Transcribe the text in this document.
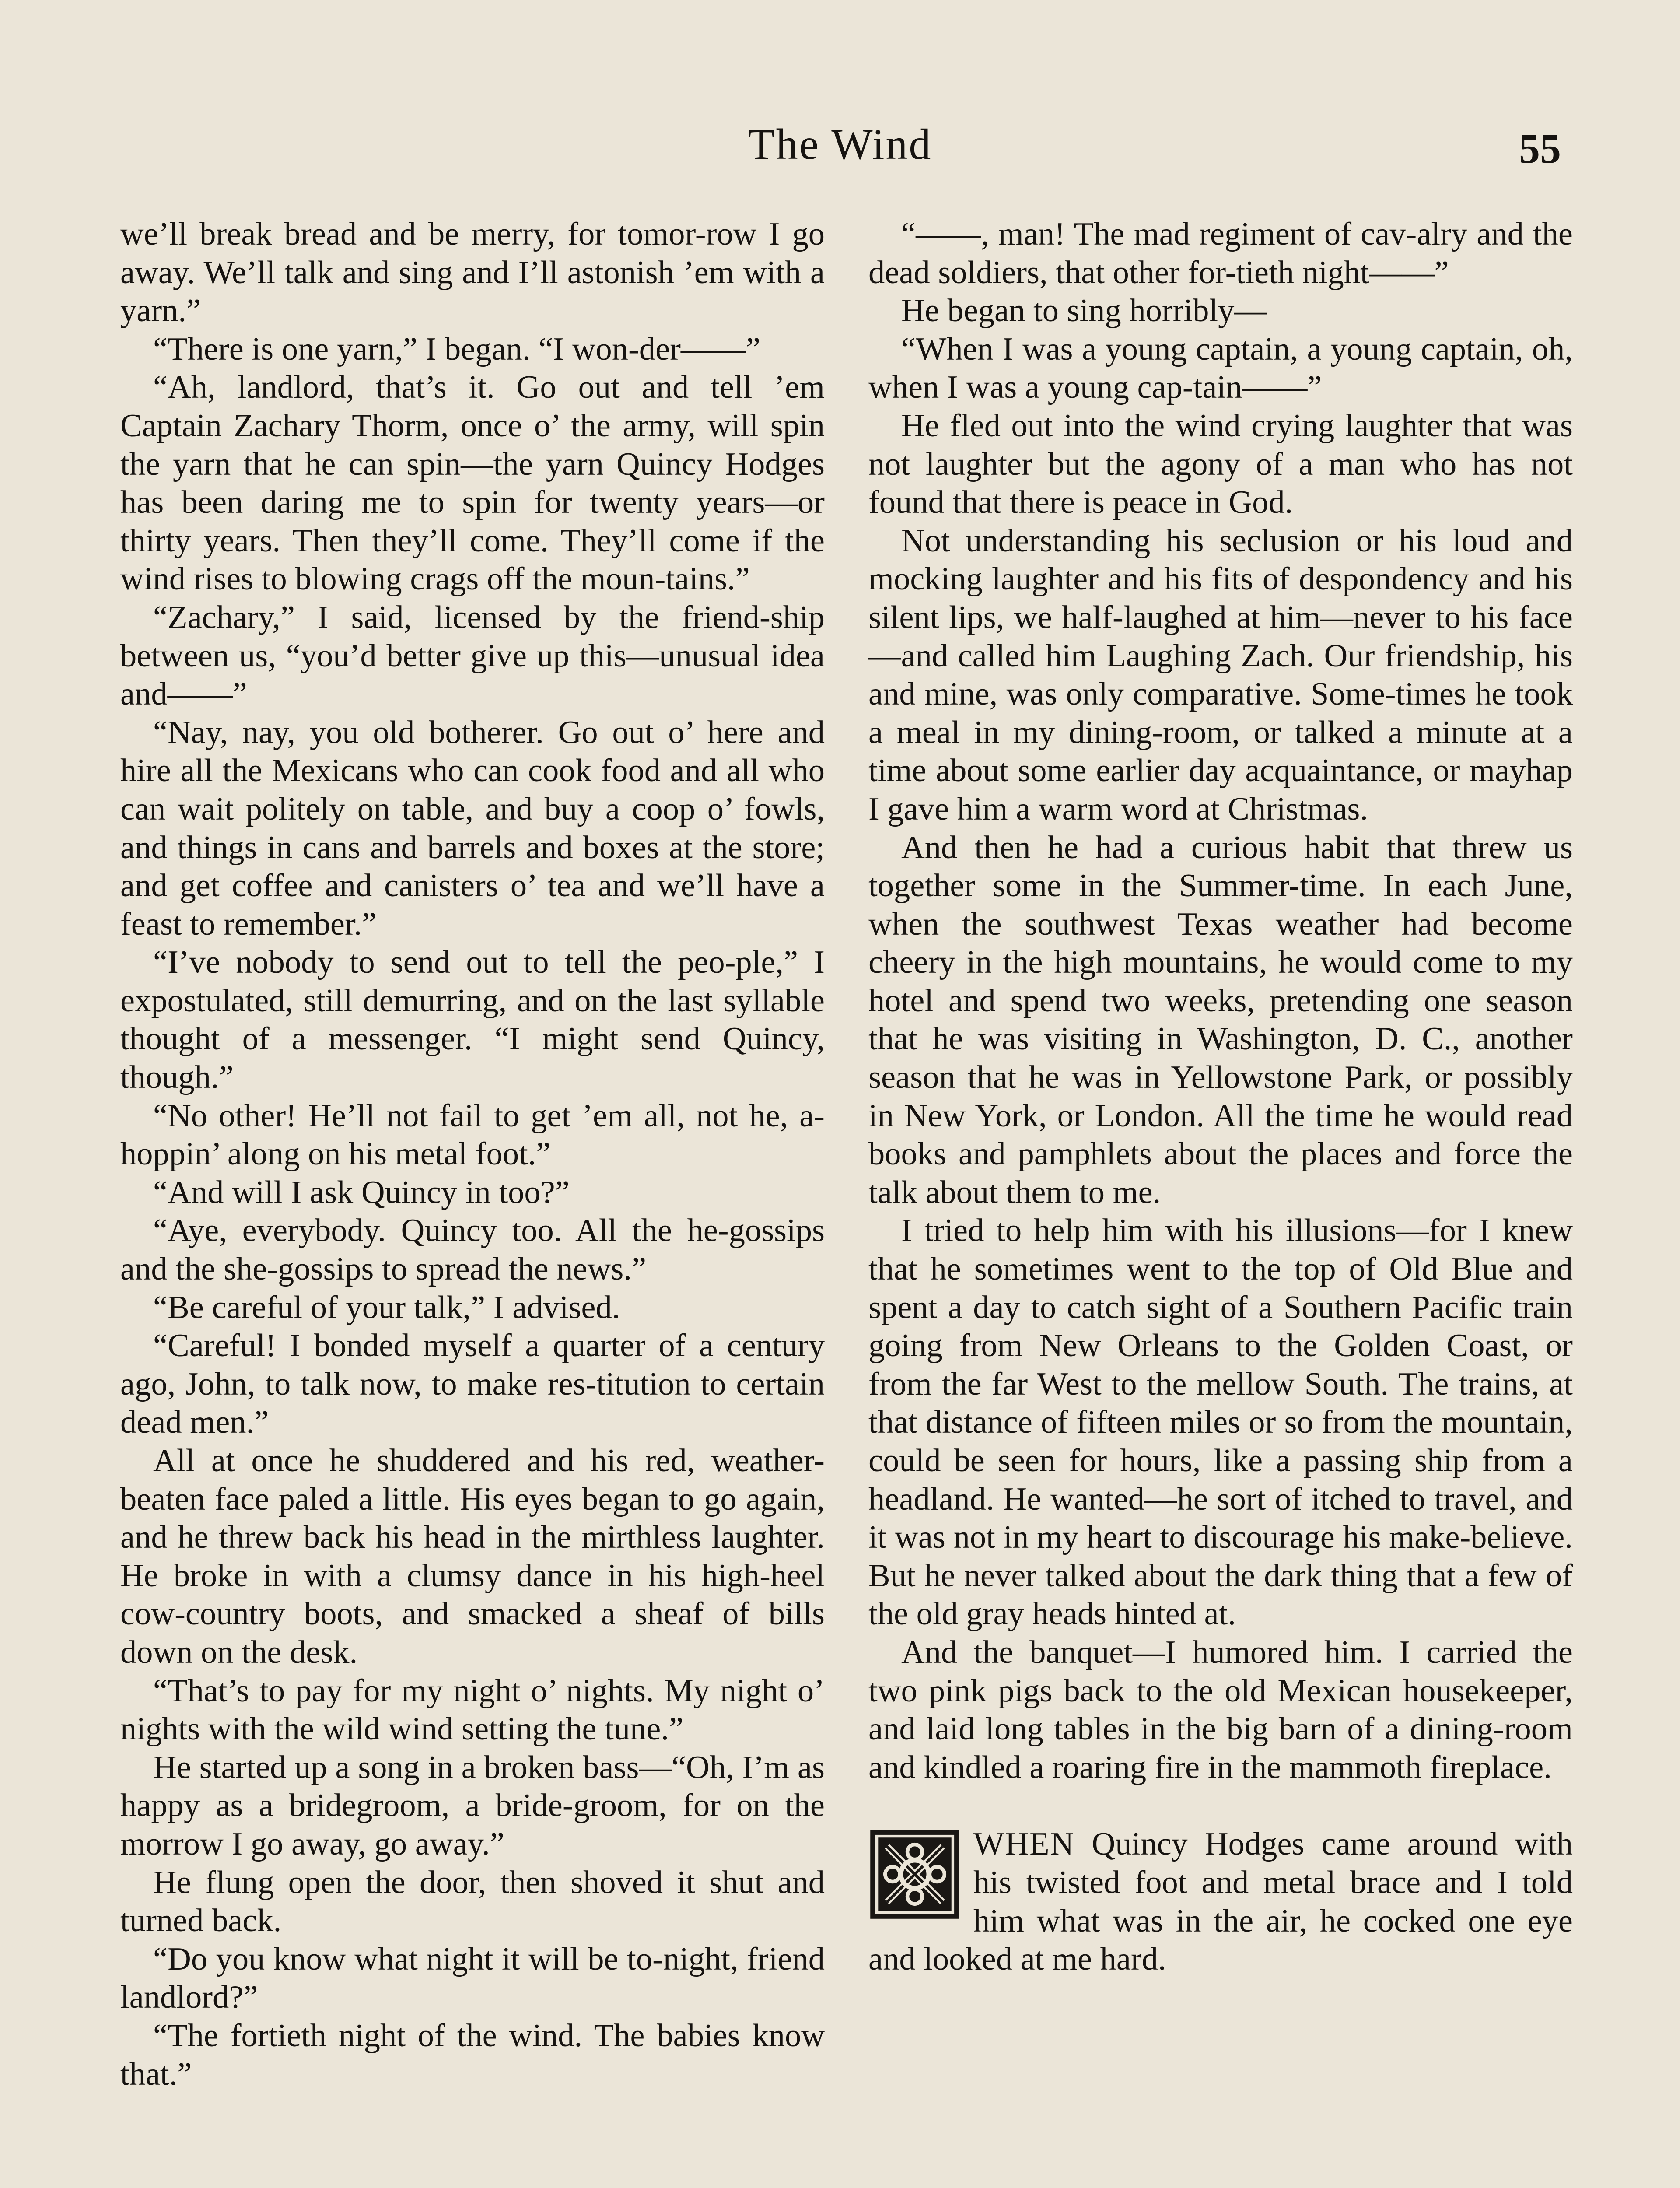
The Wind	55

we’ll break bread and be merry, for tomor-row I go away. We’ll talk and sing and I’ll astonish ’em with a yarn.”

“There is one yarn,” I began. “I won-der——”

“Ah, landlord, that’s it. Go out and tell ’em Captain Zachary Thorm, once o’ the army, will spin the yarn that he can spin—the yarn Quincy Hodges has been daring me to spin for twenty years—or thirty years. Then they’ll come. They’ll come if the wind rises to blowing crags off the moun-tains.”

“Zachary,” I said, licensed by the friend-ship between us, “you’d better give up this—unusual idea and——”

“Nay, nay, you old botherer. Go out o’ here and hire all the Mexicans who can cook food and all who can wait politely on table, and buy a coop o’ fowls, and things in cans and barrels and boxes at the store; and get coffee and canisters o’ tea and we’ll have a feast to remember.”

“I’ve nobody to send out to tell the peo-ple,” I expostulated, still demurring, and on the last syllable thought of a messenger. “I might send Quincy, though.”

“No other! He’ll not fail to get ’em all, not he, a-hoppin’ along on his metal foot.”

“And will I ask Quincy in too?”

“Aye, everybody. Quincy too. All the he-gossips and the she-gossips to spread the news.”

“Be careful of your talk,” I advised.

“Careful! I bonded myself a quarter of a century ago, John, to talk now, to make res-titution to certain dead men.”

All at once he shuddered and his red, weather-beaten face paled a little. His eyes began to go again, and he threw back his head in the mirthless laughter. He broke in with a clumsy dance in his high-heel cow-country boots, and smacked a sheaf of bills down on the desk.

“That’s to pay for my night o’ nights. My night o’ nights with the wild wind setting the tune.”

He started up a song in a broken bass—“Oh, I’m as happy as a bridegroom, a bride-groom, for on the morrow I go away, go away.”

He flung open the door, then shoved it shut and turned back.

“Do you know what night it will be to-night, friend landlord?”

“The fortieth night of the wind. The babies know that.”

“——, man! The mad regiment of cav-alry and the dead soldiers, that other for-tieth night——”

He began to sing horribly—

“When I was a young captain, a young captain, oh, when I was a young cap-tain——”

He fled out into the wind crying laughter that was not laughter but the agony of a man who has not found that there is peace in God.

Not understanding his seclusion or his loud and mocking laughter and his fits of despondency and his silent lips, we half-laughed at him—never to his face—and called him Laughing Zach. Our friendship, his and mine, was only comparative. Some-times he took a meal in my dining-room, or talked a minute at a time about some earlier day acquaintance, or mayhap I gave him a warm word at Christmas.

And then he had a curious habit that threw us together some in the Summer-time. In each June, when the southwest Texas weather had become cheery in the high mountains, he would come to my hotel and spend two weeks, pretending one season that he was visiting in Washington, D. C., another season that he was in Yellowstone Park, or possibly in New York, or London. All the time he would read books and pamphlets about the places and force the talk about them to me.

I tried to help him with his illusions—for I knew that he sometimes went to the top of Old Blue and spent a day to catch sight of a Southern Pacific train going from New Orleans to the Golden Coast, or from the far West to the mellow South. The trains, at that distance of fifteen miles or so from the mountain, could be seen for hours, like a passing ship from a headland. He wanted—he sort of itched to travel, and it was not in my heart to discourage his make-believe. But he never talked about the dark thing that a few of the old gray heads hinted at.

And the banquet—I humored him. I carried the two pink pigs back to the old Mexican housekeeper, and laid long tables in the big barn of a dining-room and kindled a roaring fire in the mammoth fireplace.

WHEN Quincy Hodges came around with his twisted foot and metal brace and I told him what was in the air, he cocked one eye and looked at me hard.
